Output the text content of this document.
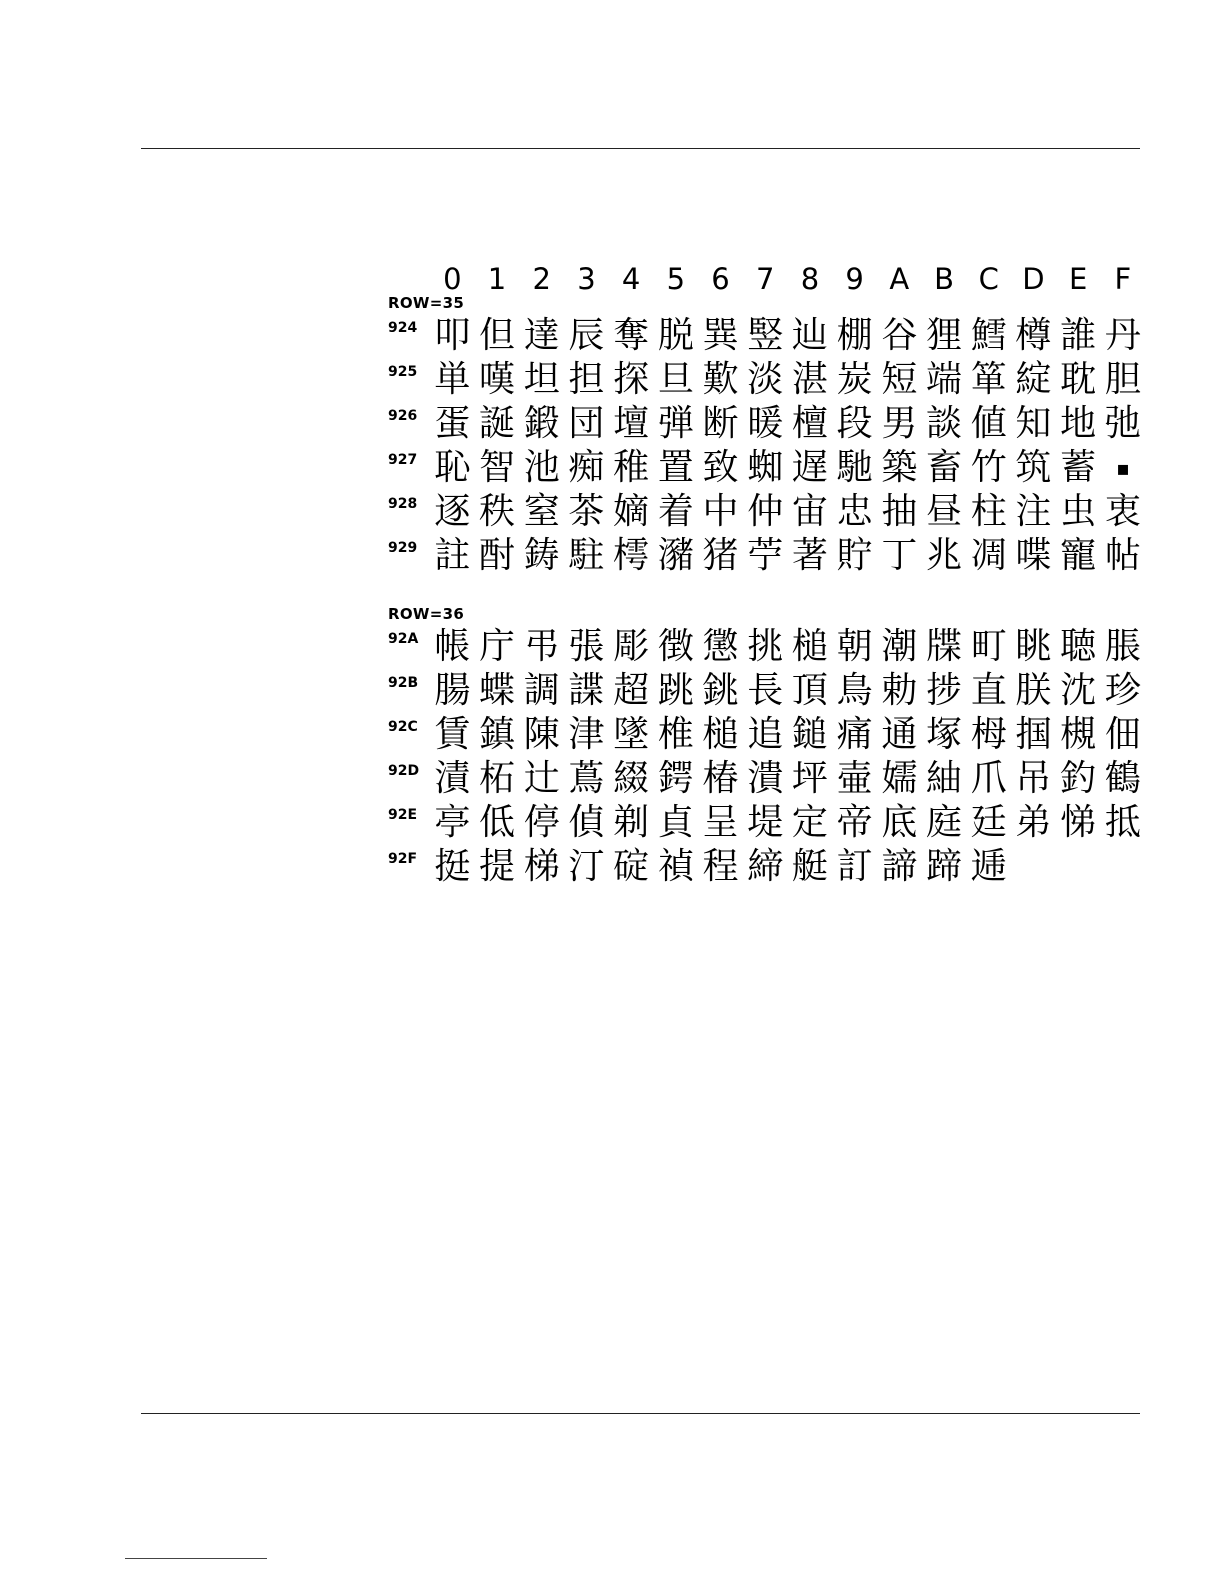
0 1 2 3 4 5 6 7 8 9 A B C D E F
ROW=35
924 叩 但 達 辰 奪 脱 巽 竪 辿 棚 谷 狸 鱈 樽 誰 丹
925 単 嘆 坦 担 探 旦 歎 淡 湛 炭 短 端 箪 綻 耽 胆
926 蛋 誕 鍛 団 壇 弾 断 暖 檀 段 男 談 値 知 地 弛
927 恥 智 池 痴 稚 置 致 蜘 遅 馳 築 畜 竹 筑 蓄 ▪
928 逐 秩 窒 茶 嫡 着 中 仲 宙 忠 抽 昼 柱 注 虫 衷
929 註 酎 鋳 駐 樗 瀦 猪 苧 著 貯 丁 兆 凋 喋 寵 帖
ROW=36
92A 帳 庁 弔 張 彫 徴 懲 挑 槌 朝 潮 牒 町 眺 聴 脹
92B 腸 蝶 調 諜 超 跳 銚 長 頂 鳥 勅 捗 直 朕 沈 珍
92C 賃 鎮 陳 津 墜 椎 槌 追 鎚 痛 通 塚 栂 掴 槻 佃
92D 漬 柘 辻 蔦 綴 鍔 椿 潰 坪 壷 嬬 紬 爪 吊 釣 鶴
92E 亭 低 停 偵 剃 貞 呈 堤 定 帝 底 庭 廷 弟 悌 抵
92F 挺 提 梯 汀 碇 禎 程 締 艇 訂 諦 蹄 逓
